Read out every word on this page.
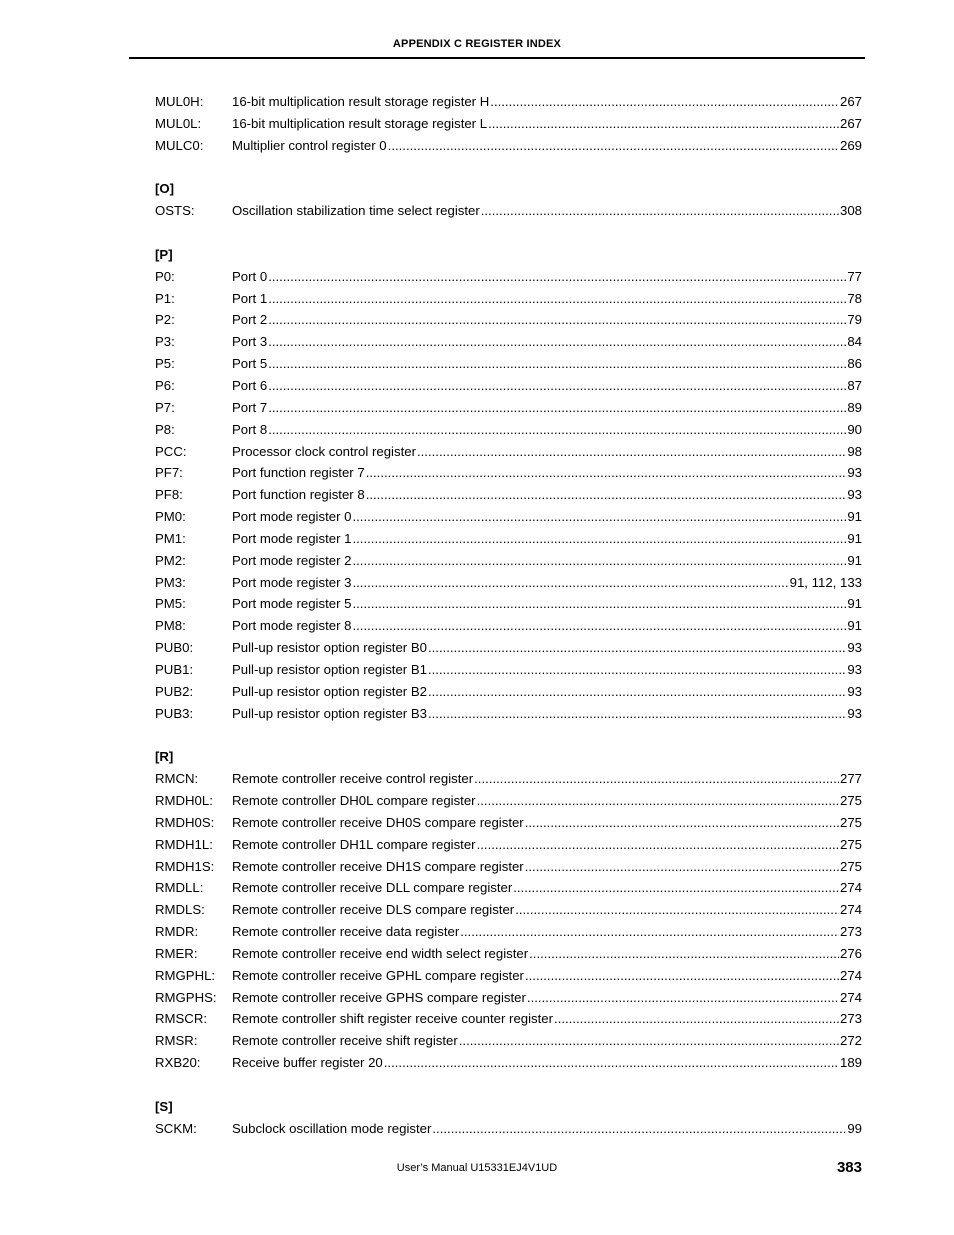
APPENDIX C REGISTER INDEX
MUL0H:	16-bit multiplication result storage register H .....	267
MUL0L:	16-bit multiplication result storage register L .....	267
MULC0:	Multiplier control register 0 .....	269
[O]
OSTS:	Oscillation stabilization time select register .....	308
[P]
P0:	Port 0 .....	77
P1:	Port 1 .....	78
P2:	Port 2 .....	79
P3:	Port 3 .....	84
P5:	Port 5 .....	86
P6:	Port 6 .....	87
P7:	Port 7 .....	89
P8:	Port 8 .....	90
PCC:	Processor clock control register .....	98
PF7:	Port function register 7 .....	93
PF8:	Port function register 8 .....	93
PM0:	Port mode register 0 .....	91
PM1:	Port mode register 1 .....	91
PM2:	Port mode register 2 .....	91
PM3:	Port mode register 3 .....	91, 112, 133
PM5:	Port mode register 5 .....	91
PM8:	Port mode register 8 .....	91
PUB0:	Pull-up resistor option register B0 .....	93
PUB1:	Pull-up resistor option register B1 .....	93
PUB2:	Pull-up resistor option register B2 .....	93
PUB3:	Pull-up resistor option register B3 .....	93
[R]
RMCN:	Remote controller receive control register .....	277
RMDH0L:	Remote controller DH0L compare register .....	275
RMDH0S:	Remote controller receive DH0S compare register .....	275
RMDH1L:	Remote controller DH1L compare register .....	275
RMDH1S:	Remote controller receive DH1S compare register .....	275
RMDLL:	Remote controller receive DLL compare register .....	274
RMDLS:	Remote controller receive DLS compare register .....	274
RMDR:	Remote controller receive data register .....	273
RMER:	Remote controller receive end width select register .....	276
RMGPHL:	Remote controller receive GPHL compare register .....	274
RMGPHS:	Remote controller receive GPHS compare register .....	274
RMSCR:	Remote controller shift register receive counter register .....	273
RMSR:	Remote controller receive shift register .....	272
RXB20:	Receive buffer register 20 .....	189
[S]
SCKM:	Subclock oscillation mode register .....	99
User’s Manual U15331EJ4V1UD	383
